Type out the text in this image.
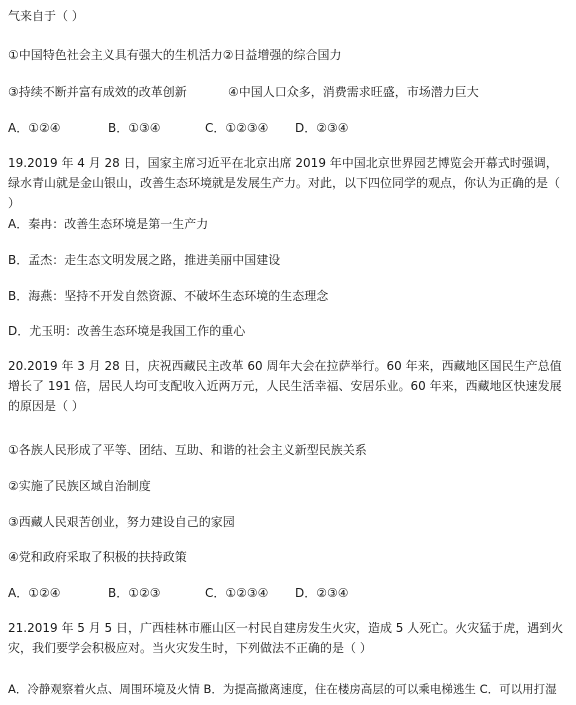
气来自于（ ）
①中国特色社会主义具有强大的生机活力②日益增强的综合国力
③持续不断并富有成效的改革创新	④中国人口众多，消费需求旺盛，市场潜力巨大
A．①②④	B．①③④	C．①②③④ D．②③④
19.2019 年 4 月 28 日，国家主席习近平在北京出席 2019 年中国北京世界园艺博览会开幕式时强调，绿水青山就是金山银山，改善生态环境就是发展生产力。对此，以下四位同学的观点，你认为正确的是（ ）
A．秦冉：改善生态环境是第一生产力
B．孟杰：走生态文明发展之路，推进美丽中国建设
B．海燕：坚持不开发自然资源、不破坏生态环境的生态理念
D．尤玉明：改善生态环境是我国工作的重心
20.2019 年 3 月 28 日，庆祝西藏民主改革 60 周年大会在拉萨举行。60 年来，西藏地区国民生产总值增长了 191 倍，居民人均可支配收入近两万元，人民生活幸福、安居乐业。60 年来，西藏地区快速发展的原因是（ ）
①各族人民形成了平等、团结、互助、和谐的社会主义新型民族关系
②实施了民族区域自治制度
③西藏人民艰苦创业，努力建设自己的家园
④党和政府采取了积极的扶持政策
A．①②④	B．①②③	C．①②③④ D．②③④
21.2019 年 5 月 5 日，广西桂林市雁山区一村民自建房发生火灾，造成 5 人死亡。火灾猛于虎，遇到火灾，我们要学会积极应对。当火灾发生时，下列做法不正确的是（ ）
A．冷静观察着火点、周围环境及火情 B．为提高撤离速度，住在楼房高层的可以乘电梯逃生 C．可以用打湿
